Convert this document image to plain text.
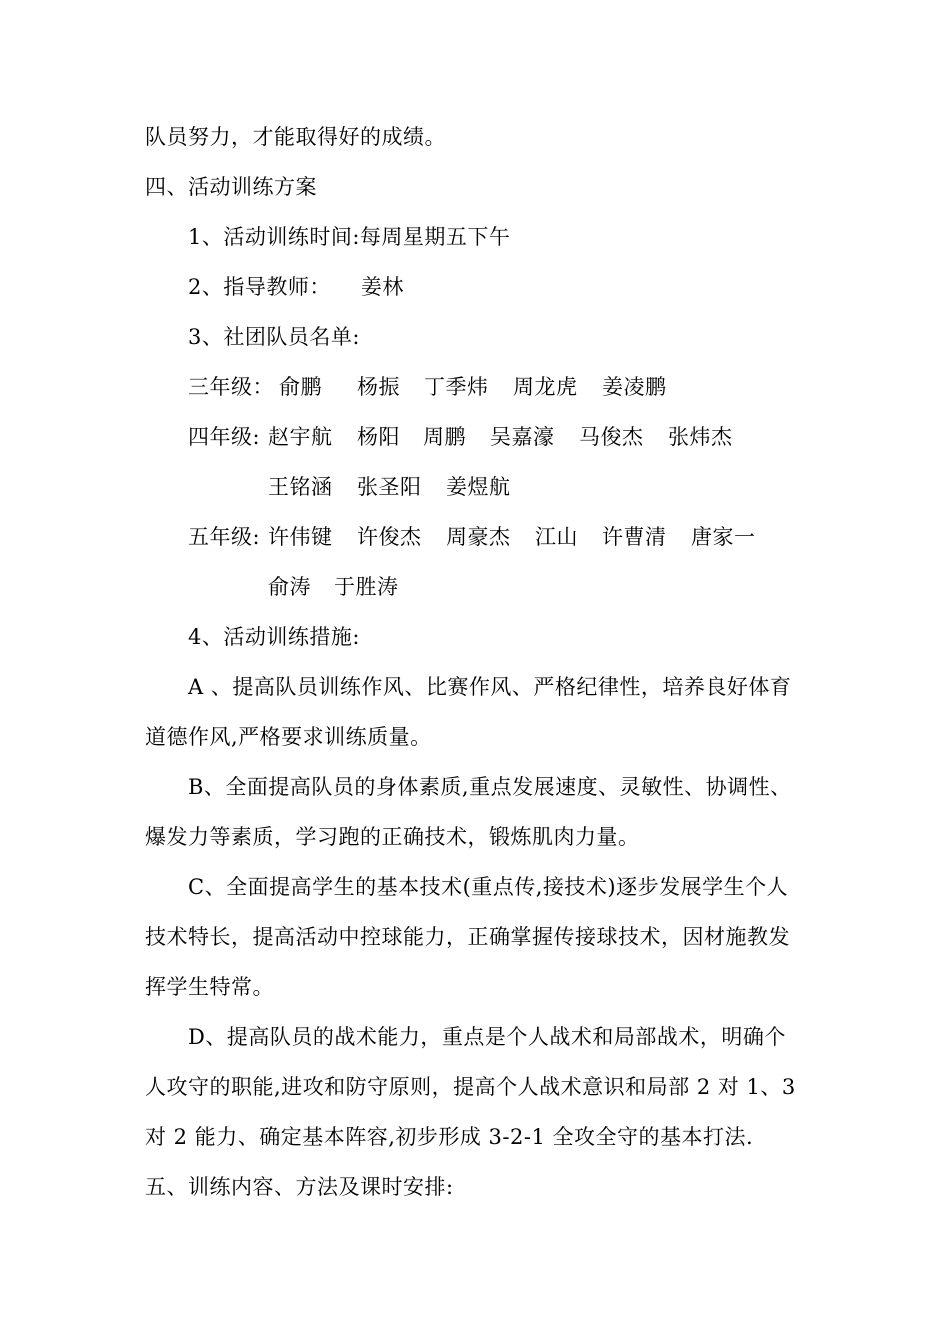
队员努力，才能取得好的成绩。
四、活动训练方案
1、活动训练时间:每周星期五下午
2、指导教师： 姜林
3、社团队员名单:
三年级： 俞鹏 杨振 丁季炜 周龙虎 姜凌鹏
四年级: 赵宇航 杨阳 周鹏 吴嘉濠 马俊杰 张炜杰
王铭涵 张圣阳 姜煜航
五年级: 许伟键 许俊杰 周豪杰 江山 许曹清 唐家一
俞涛 于胜涛
4、活动训练措施:
A 、提高队员训练作风、比赛作风、严格纪律性，培养良好体育
道德作风,严格要求训练质量。
B、全面提高队员的身体素质,重点发展速度、灵敏性、协调性、
爆发力等素质，学习跑的正确技术，锻炼肌肉力量。
C、全面提高学生的基本技术(重点传,接技术)逐步发展学生个人
技术特长，提高活动中控球能力，正确掌握传接球技术，因材施教发
挥学生特常。
D、提高队员的战术能力，重点是个人战术和局部战术，明确个
人攻守的职能,进攻和防守原则，提高个人战术意识和局部 2 对 1、3
对 2 能力、确定基本阵容,初步形成 3-2-1 全攻全守的基本打法.
五、训练内容、方法及课时安排:
